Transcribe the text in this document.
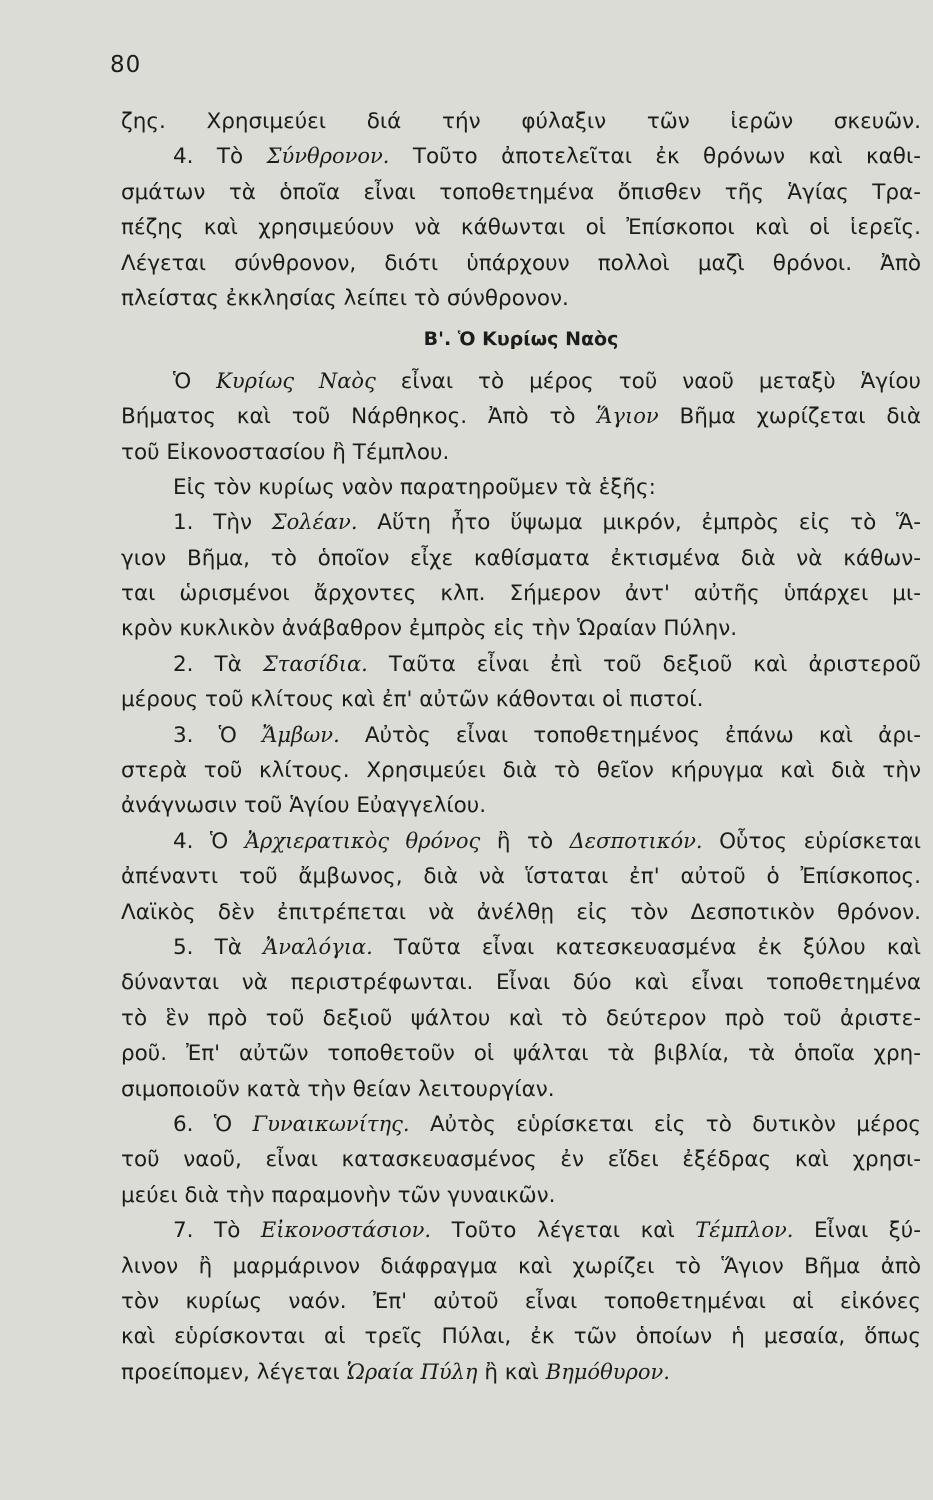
80
ζης. Χρησιμεύει διά τήν φύλαξιν τῶν ἱερῶν σκευῶν.
4. Τὸ Σύνθρονον. Τοῦτο ἀποτελεῖται ἐκ θρόνων καὶ καθι-
σμάτων τὰ ὁποῖα εἶναι τοποθετημένα ὄπισθεν τῆς Ἁγίας Τρα-
πέζης καὶ χρησιμεύουν νὰ κάθωνται οἱ Ἐπίσκοποι καὶ οἱ ἱερεῖς.
Λέγεται σύνθρονον, διότι ὑπάρχουν πολλοὶ μαζὶ θρόνοι. Ἀπὸ
πλείστας ἐκκλησίας λείπει τὸ σύνθρονον.
Β'. Ὁ Κυρίως Ναὸς
Ὁ Κυρίως Ναὸς εἶναι τὸ μέρος τοῦ ναοῦ μεταξὺ Ἁγίου
Βήματος καὶ τοῦ Νάρθηκος. Ἀπὸ τὸ Ἅγιον Βῆμα χωρίζεται διὰ
τοῦ Εἰκονοστασίου ἢ Τέμπλου.
Εἰς τὸν κυρίως ναὸν παρατηροῦμεν τὰ ἑξῆς:
1. Τὴν Σολέαν. Αὕτη ἦτο ὕψωμα μικρόν, ἐμπρὸς εἰς τὸ Ἅ-
γιον Βῆμα, τὸ ὁποῖον εἶχε καθίσματα ἐκτισμένα διὰ νὰ κάθων-
ται ὡρισμένοι ἄρχοντες κλπ. Σήμερον ἀντ' αὐτῆς ὑπάρχει μι-
κρὸν κυκλικὸν ἀνάβαθρον ἐμπρὸς εἰς τὴν Ὡραίαν Πύλην.
2. Τὰ Στασίδια. Ταῦτα εἶναι ἐπὶ τοῦ δεξιοῦ καὶ ἀριστεροῦ
μέρους τοῦ κλίτους καὶ ἐπ' αὐτῶν κάθονται οἱ πιστοί.
3. Ὁ Ἄμβων. Αὐτὸς εἶναι τοποθετημένος ἐπάνω καὶ ἀρι-
στερὰ τοῦ κλίτους. Χρησιμεύει διὰ τὸ θεῖον κήρυγμα καὶ διὰ τὴν
ἀνάγνωσιν τοῦ Ἁγίου Εὐαγγελίου.
4. Ὁ Ἀρχιερατικὸς θρόνος ἢ τὸ Δεσποτικόν. Οὗτος εὑρίσκεται
ἀπέναντι τοῦ ἄμβωνος, διὰ νὰ ἵσταται ἐπ' αὐτοῦ ὁ Ἐπίσκοπος.
Λαϊκὸς δὲν ἐπιτρέπεται νὰ ἀνέλθῃ εἰς τὸν Δεσποτικὸν θρόνον.
5. Τὰ Ἀναλόγια. Ταῦτα εἶναι κατεσκευασμένα ἐκ ξύλου καὶ
δύνανται νὰ περιστρέφωνται. Εἶναι δύο καὶ εἶναι τοποθετημένα
τὸ ἓν πρὸ τοῦ δεξιοῦ ψάλτου καὶ τὸ δεύτερον πρὸ τοῦ ἀριστε-
ροῦ. Ἐπ' αὐτῶν τοποθετοῦν οἱ ψάλται τὰ βιβλία, τὰ ὁποῖα χρη-
σιμοποιοῦν κατὰ τὴν θείαν λειτουργίαν.
6. Ὁ Γυναικωνίτης. Αὐτὸς εὑρίσκεται εἰς τὸ δυτικὸν μέρος
τοῦ ναοῦ, εἶναι κατασκευασμένος ἐν εἴδει ἐξέδρας καὶ χρησι-
μεύει διὰ τὴν παραμονὴν τῶν γυναικῶν.
7. Τὸ Εἰκονοστάσιον. Τοῦτο λέγεται καὶ Τέμπλον. Εἶναι ξύ-
λινον ἢ μαρμάρινον διάφραγμα καὶ χωρίζει τὸ Ἅγιον Βῆμα ἀπὸ
τὸν κυρίως ναόν. Ἐπ' αὐτοῦ εἶναι τοποθετημέναι αἱ εἰκόνες
καὶ εὑρίσκονται αἱ τρεῖς Πύλαι, ἐκ τῶν ὁποίων ἡ μεσαία, ὅπως
προείπομεν, λέγεται Ὡραία Πύλη ἢ καὶ Βημόθυρον.
